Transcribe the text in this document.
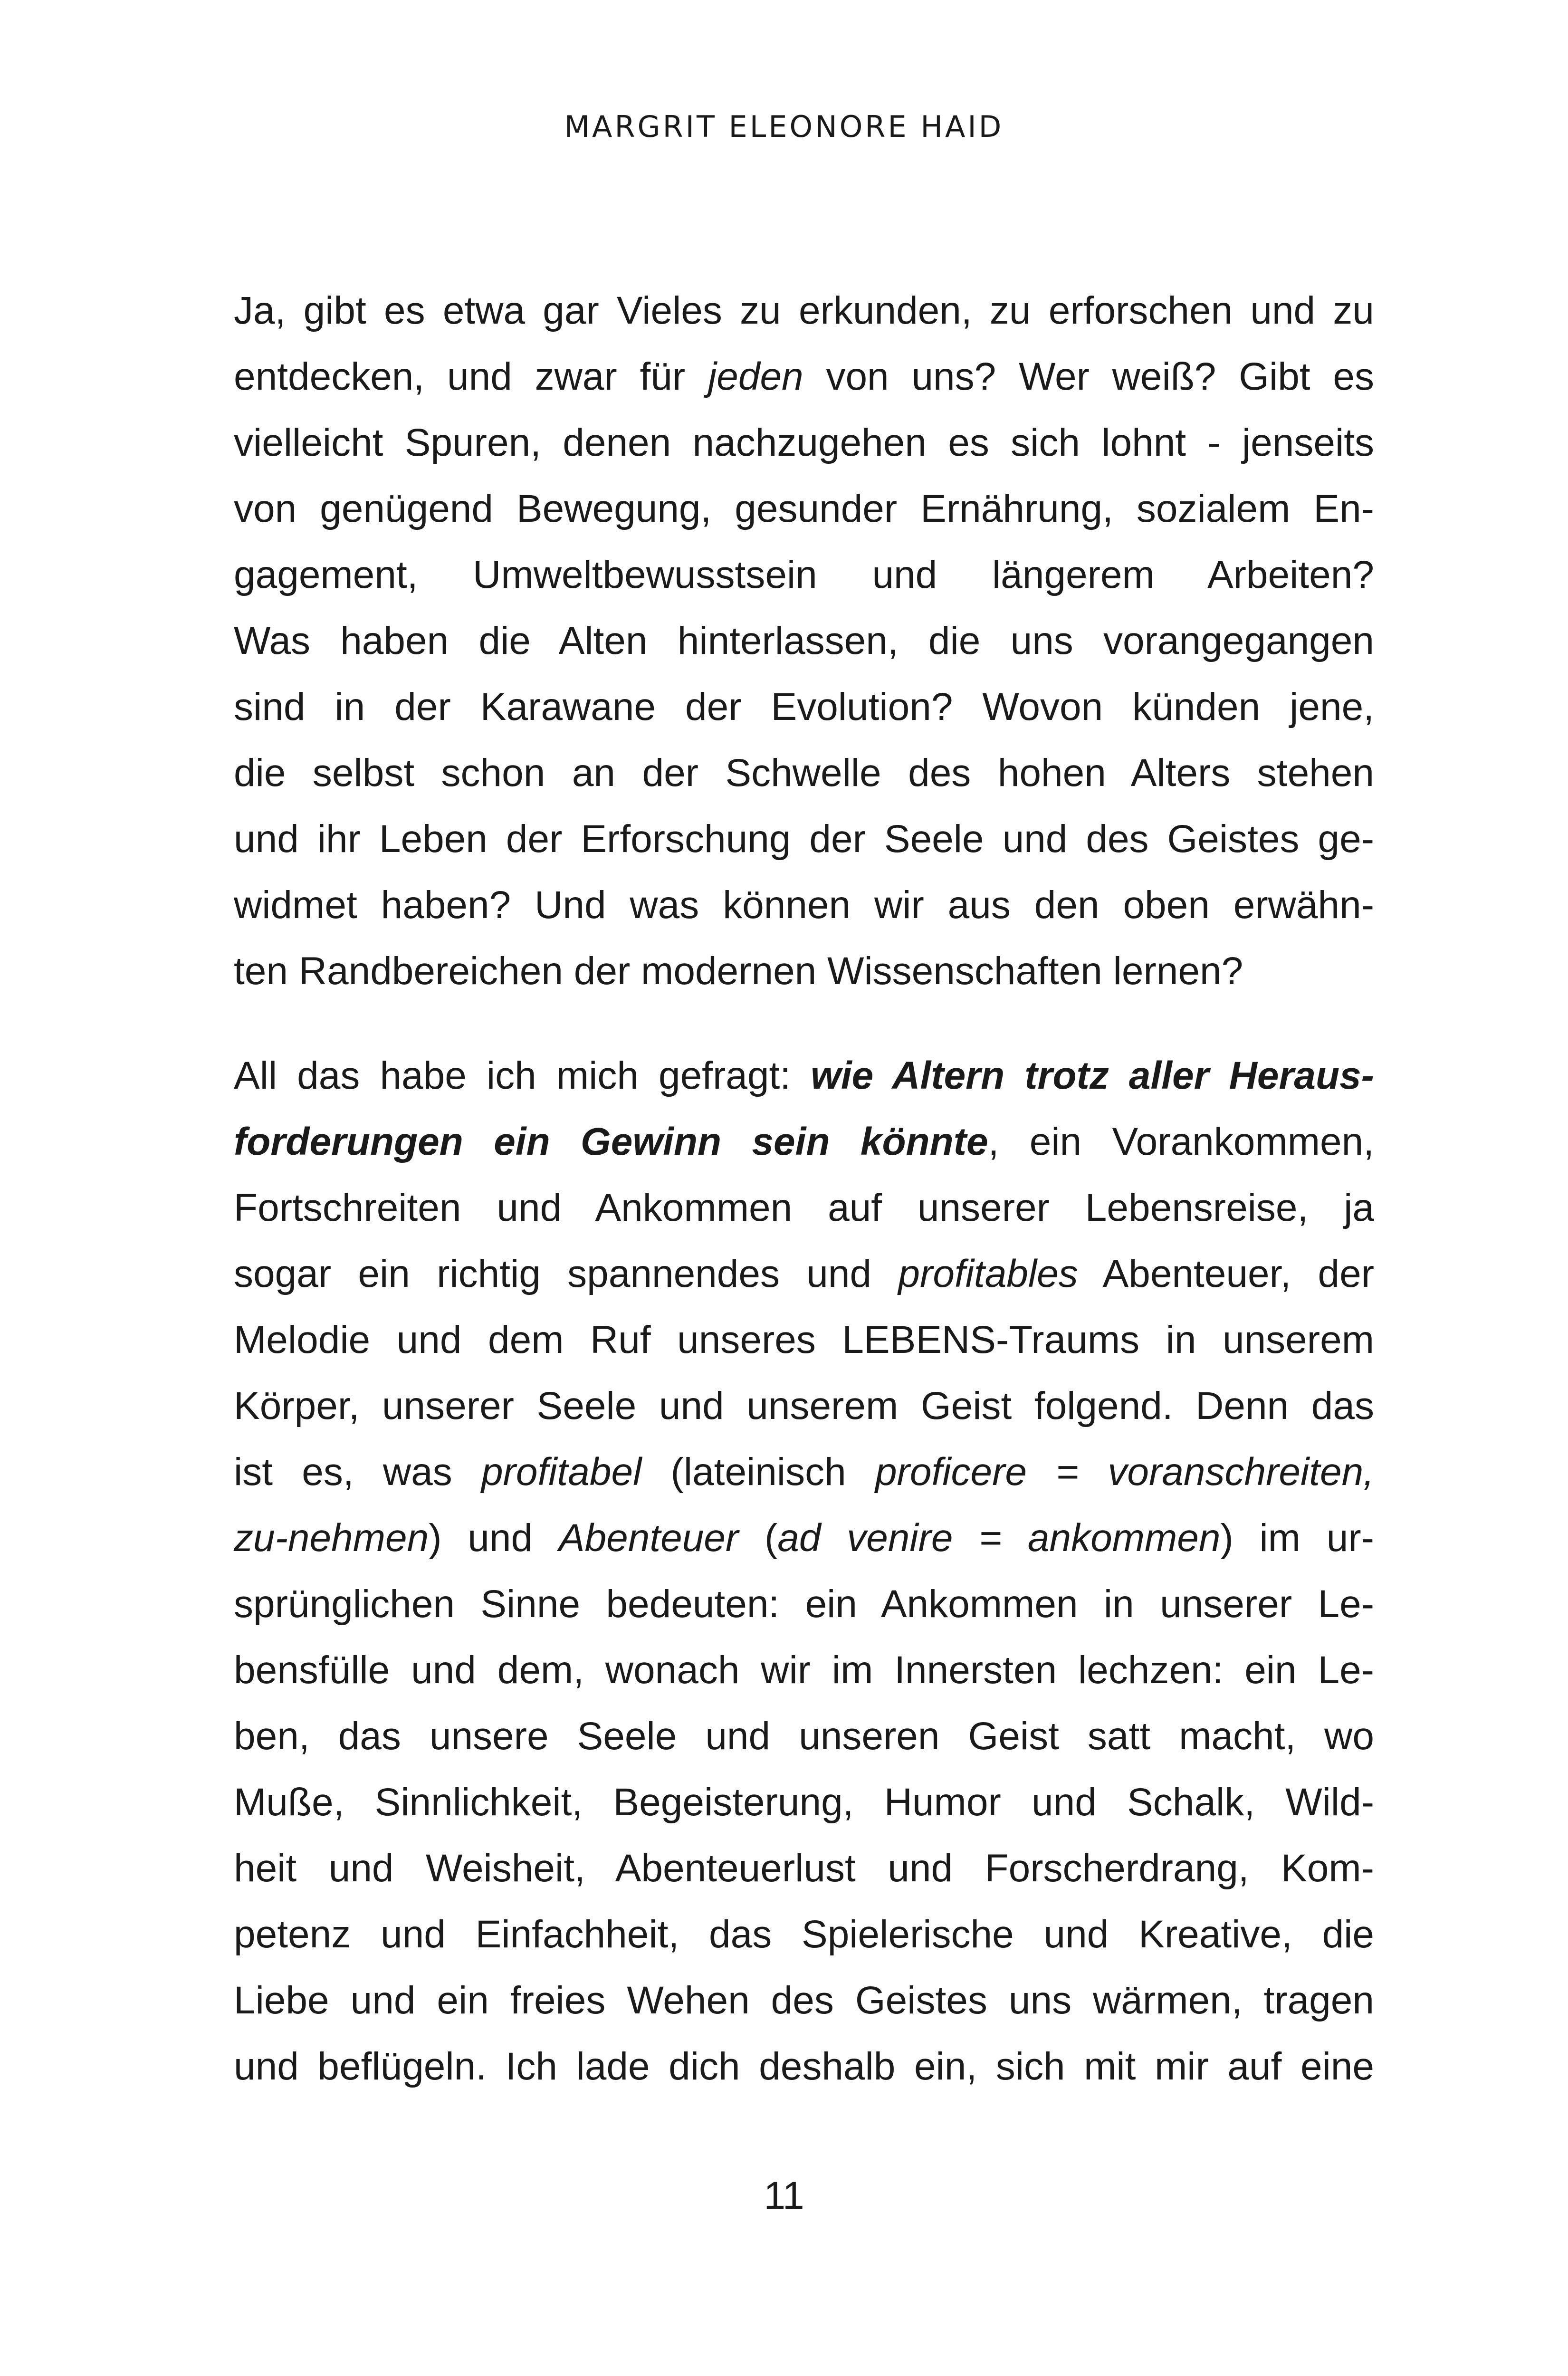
MARGRIT ELEONORE HAID
Ja, gibt es etwa gar Vieles zu erkunden, zu erforschen und zu
entdecken, und zwar für jeden von uns? Wer weiß? Gibt es
vielleicht Spuren, denen nachzugehen es sich lohnt - jenseits
von genügend Bewegung, gesunder Ernährung, sozialem En-
gagement, Umweltbewusstsein und längerem Arbeiten?
Was haben die Alten hinterlassen, die uns vorangegangen
sind in der Karawane der Evolution? Wovon künden jene,
die selbst schon an der Schwelle des hohen Alters stehen
und ihr Leben der Erforschung der Seele und des Geistes ge-
widmet haben? Und was können wir aus den oben erwähn-
ten Randbereichen der modernen Wissenschaften lernen?
All das habe ich mich gefragt: wie Altern trotz aller Heraus-
forderungen ein Gewinn sein könnte, ein Vorankommen,
Fortschreiten und Ankommen auf unserer Lebensreise, ja
sogar ein richtig spannendes und profitables Abenteuer, der
Melodie und dem Ruf unseres LEBENS-Traums in unserem
Körper, unserer Seele und unserem Geist folgend. Denn das
ist es, was profitabel (lateinisch proficere = voranschreiten,
zu-nehmen) und Abenteuer (ad venire = ankommen) im ur-
sprünglichen Sinne bedeuten: ein Ankommen in unserer Le-
bensfülle und dem, wonach wir im Innersten lechzen: ein Le-
ben, das unsere Seele und unseren Geist satt macht, wo
Muße, Sinnlichkeit, Begeisterung, Humor und Schalk, Wild-
heit und Weisheit, Abenteuerlust und Forscherdrang, Kom-
petenz und Einfachheit, das Spielerische und Kreative, die
Liebe und ein freies Wehen des Geistes uns wärmen, tragen
und beflügeln. Ich lade dich deshalb ein, sich mit mir auf eine
11
